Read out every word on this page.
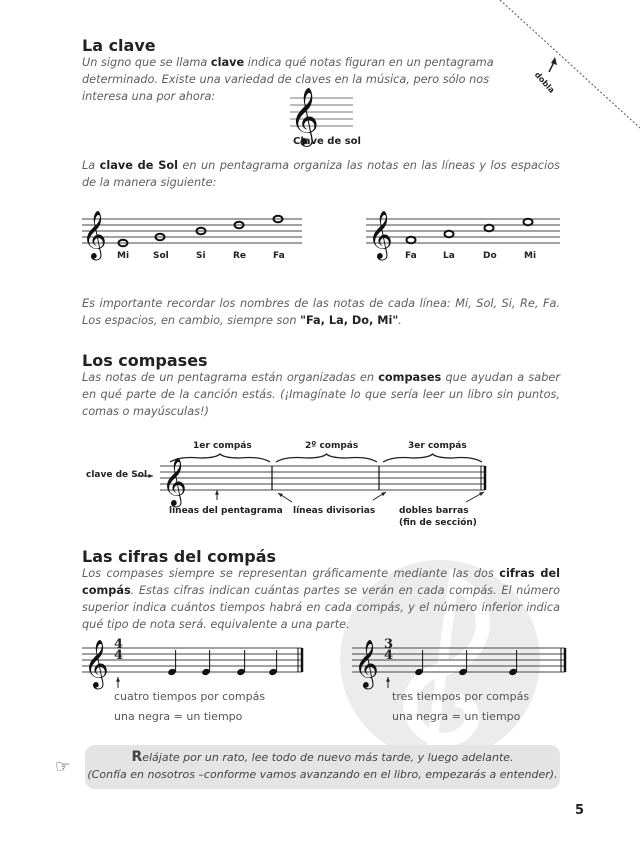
dobla
La clave
Un signo que se llama clave indica qué notas figuran en un pentagrama determinado. Existe una variedad de claves en la música, pero sólo nos interesa una por ahora:	𝄞
𝄞	𝄞
𝄞
𝄞	𝄞
Clave de sol
La clave de Sol en un pentagrama organiza las notas en las líneas y los espacios de la manera siguiente:
Mi	Sol	Si	Re	Fa	Fa	La	Do	Mi
Es importante recordar los nombres de las notas de cada línea: Mi, Sol, Si, Re, Fa. Los espacios, en cambio, siempre son "Fa, La, Do, Mi".
Los compases
Las notas de un pentagrama están organizadas en compases que ayudan a saber en qué parte de la canción estás. (¡Imagínate lo que sería leer un libro sin puntos, comas o mayúsculas!)
1er compás	2º compás	3er compás
clave de Sol
líneas del pentagrama líneas divisorias	dobles barras
(fin de sección)
Las cifras del compás
Los compases siempre se representan gráficamente mediante las dos cifras del compás. Estas cifras indican cuántas partes se verán en cada compás. El número superior indica cuántos tiempos habrá en cada compás, y el número inferior indica qué tipo de nota será. equivalente a una parte.
4
4
3
4
cuatro tiempos por compás
una negra = un tiempo
tres tiempos por compás
una negra = un tiempo
☞	Relájate por un rato, lee todo de nuevo más tarde, y luego adelante.
(Confía en nosotros –conforme vamos avanzando en el libro, empezarás a entender).
5
